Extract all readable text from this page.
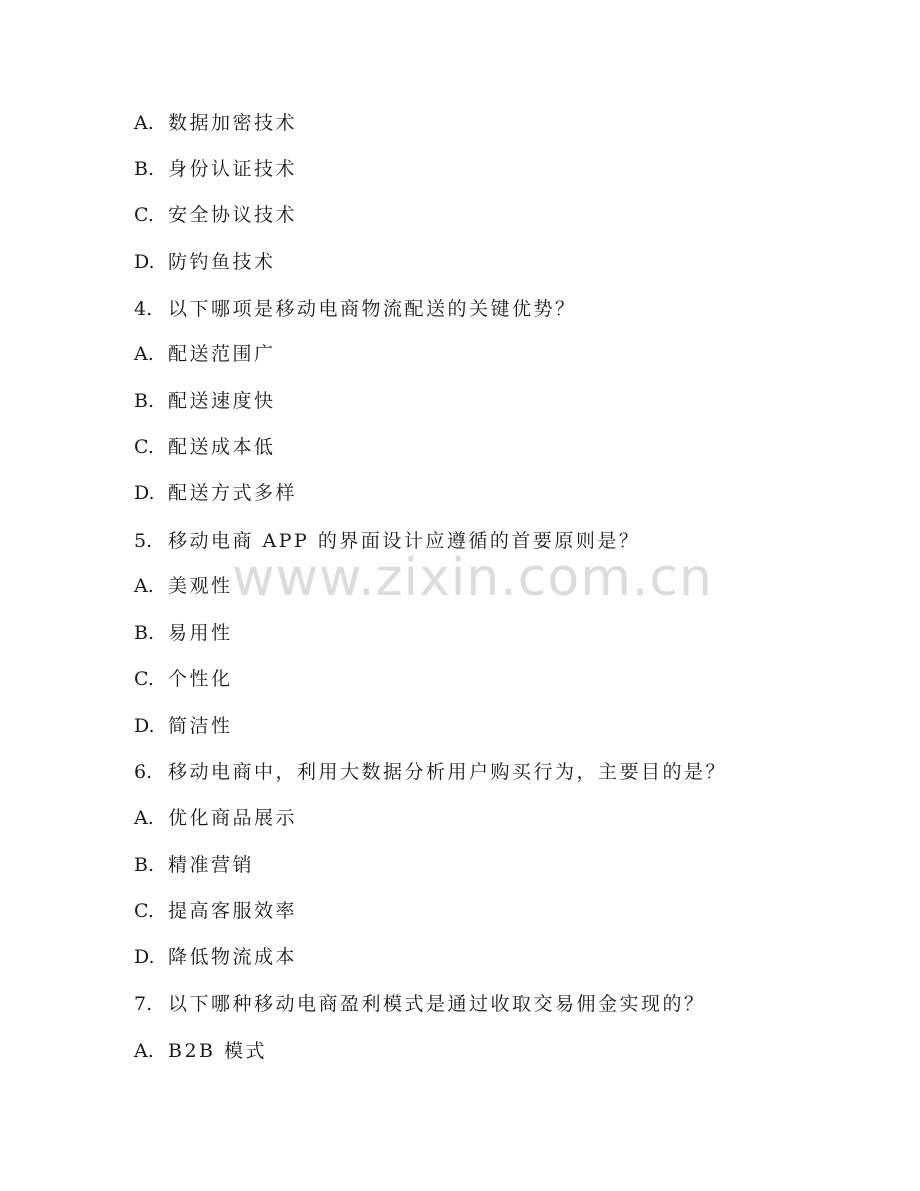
A. 数据加密技术
B. 身份认证技术
C. 安全协议技术
D. 防钓鱼技术
4. 以下哪项是移动电商物流配送的关键优势？
A. 配送范围广
B. 配送速度快
C. 配送成本低
D. 配送方式多样
5. 移动电商 APP 的界面设计应遵循的首要原则是？
A. 美观性
B. 易用性
C. 个性化
D. 简洁性
6. 移动电商中，利用大数据分析用户购买行为，主要目的是？
A. 优化商品展示
B. 精准营销
C. 提高客服效率
D. 降低物流成本
7. 以下哪种移动电商盈利模式是通过收取交易佣金实现的？
A. B2B 模式
www.zixin.com.cn
